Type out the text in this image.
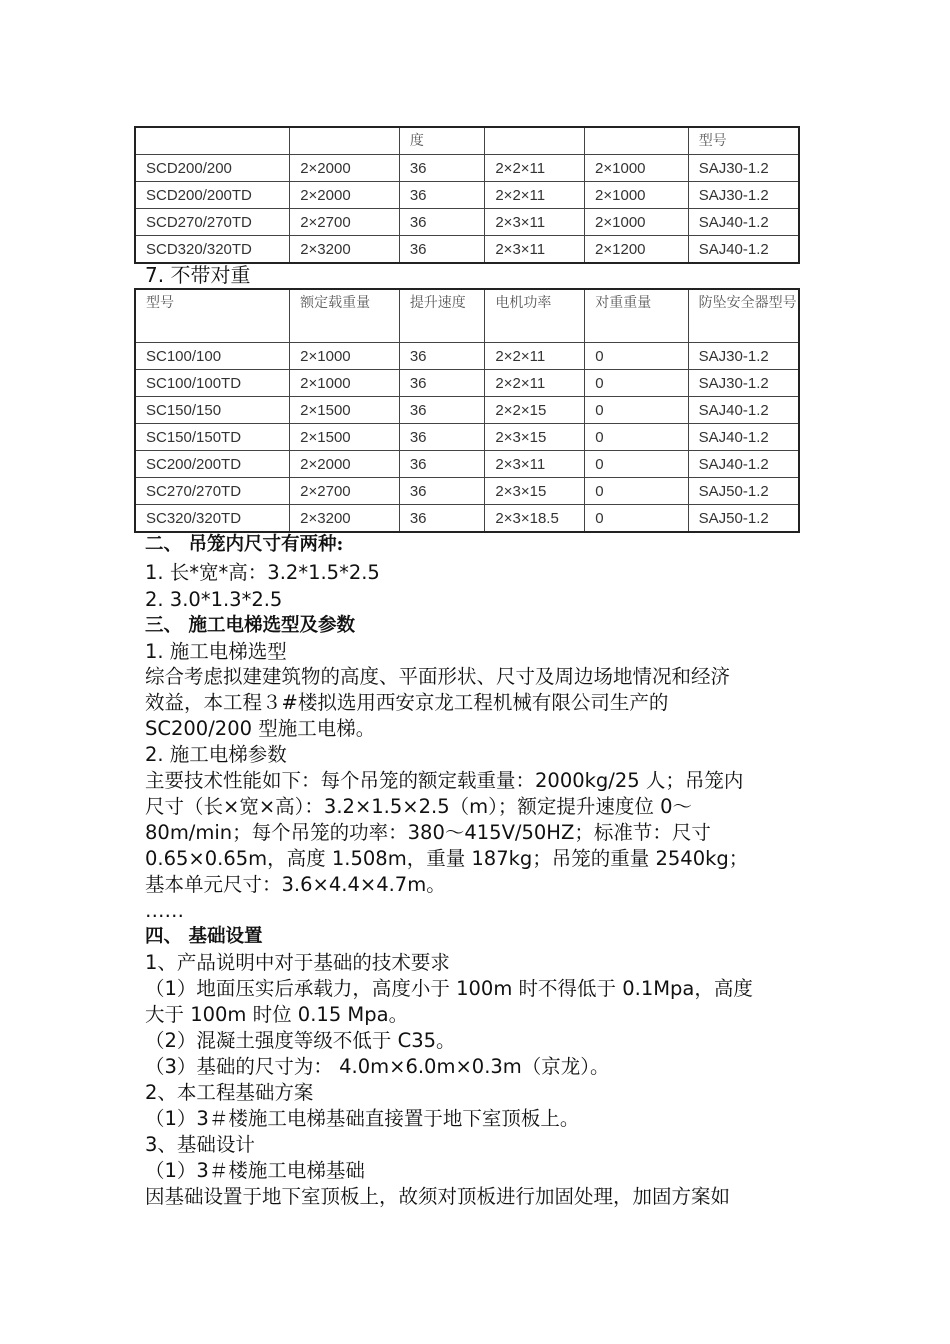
		度			型号
SCD200/200	2×2000	36	2×2×11	2×1000	SAJ30-1.2
SCD200/200TD	2×2000	36	2×2×11	2×1000	SAJ30-1.2
SCD270/270TD	2×2700	36	2×3×11	2×1000	SAJ40-1.2
SCD320/320TD	2×3200	36	2×3×11	2×1200	SAJ40-1.2
7. 不带对重
型号	额定载重量	提升速度	电机功率	对重重量	防坠安全器型号
SC100/100	2×1000	36	2×2×11	0	SAJ30-1.2
SC100/100TD	2×1000	36	2×2×11	0	SAJ30-1.2
SC150/150	2×1500	36	2×2×15	0	SAJ40-1.2
SC150/150TD	2×1500	36	2×3×15	0	SAJ40-1.2
SC200/200TD	2×2000	36	2×3×11	0	SAJ40-1.2
SC270/270TD	2×2700	36	2×3×15	0	SAJ50-1.2
SC320/320TD	2×3200	36	2×3×18.5	0	SAJ50-1.2
二、 吊笼内尺寸有两种:
1. 长*宽*高：3.2*1.5*2.5
2. 3.0*1.3*2.5
三、 施工电梯选型及参数
1. 施工电梯选型
综合考虑拟建建筑物的高度、平面形状、尺寸及周边场地情况和经济
效益，本工程３#楼拟选用西安京龙工程机械有限公司生产的
SC200/200 型施工电梯。
2. 施工电梯参数
主要技术性能如下：每个吊笼的额定载重量：2000kg/25 人；吊笼内
尺寸（长×宽×高）：3.2×1.5×2.5（m）；额定提升速度位 0～
80m/min；每个吊笼的功率：380～415V/50HZ；标准节：尺寸
0.65×0.65m，高度 1.508m，重量 187kg；吊笼的重量 2540kg；
基本单元尺寸：3.6×4.4×4.7m。
……
四、 基础设置
1、产品说明中对于基础的技术要求
（1）地面压实后承载力，高度小于 100m 时不得低于 0.1Mpa，高度
大于 100m 时位 0.15 Mpa。
（2）混凝土强度等级不低于 C35。
（3）基础的尺寸为： 4.0m×6.0m×0.3m（京龙）。
2、本工程基础方案
（1）3＃楼施工电梯基础直接置于地下室顶板上。
3、基础设计
（1）3＃楼施工电梯基础
因基础设置于地下室顶板上，故须对顶板进行加固处理，加固方案如
